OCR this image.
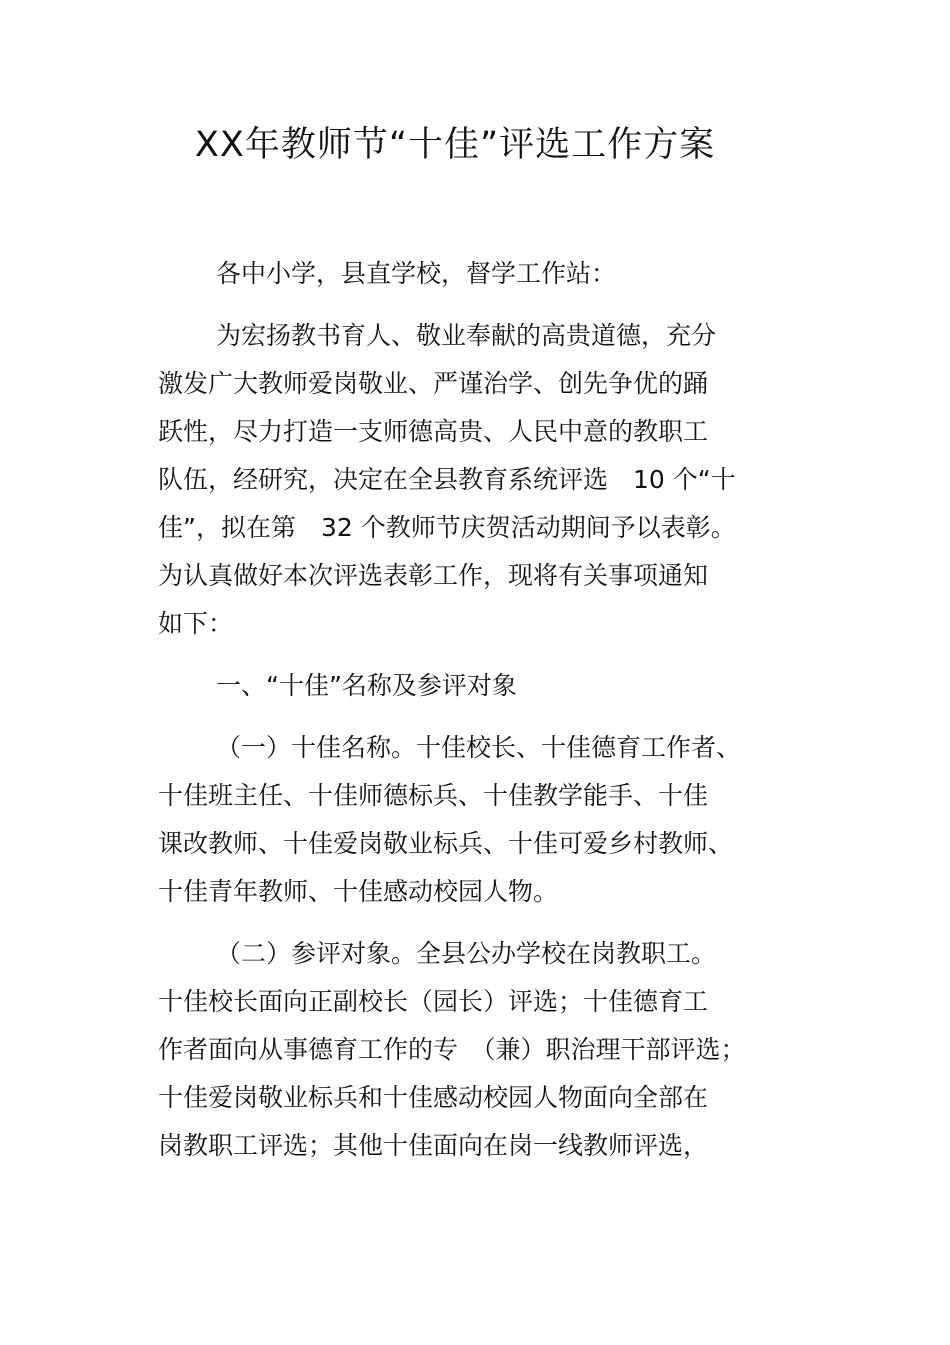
XX年教师节“十佳”评选工作方案
各中小学，县直学校，督学工作站：
为宏扬教书育人、敬业奉献的高贵道德，充分
激发广大教师爱岗敬业、严谨治学、创先争优的踊
跃性，尽力打造一支师德高贵、人民中意的教职工
队伍，经研究，决定在全县教育系统评选　10 个“十
佳”，拟在第　32 个教师节庆贺活动期间予以表彰。
为认真做好本次评选表彰工作，现将有关事项通知
如下：
一、“十佳”名称及参评对象
（一）十佳名称。十佳校长、十佳德育工作者、
十佳班主任、十佳师德标兵、十佳教学能手、十佳
课改教师、十佳爱岗敬业标兵、十佳可爱乡村教师、
十佳青年教师、十佳感动校园人物。
（二）参评对象。全县公办学校在岗教职工。
十佳校长面向正副校长（园长）评选；十佳德育工
作者面向从事德育工作的专　（兼）职治理干部评选；
十佳爱岗敬业标兵和十佳感动校园人物面向全部在
岗教职工评选；其他十佳面向在岗一线教师评选，
